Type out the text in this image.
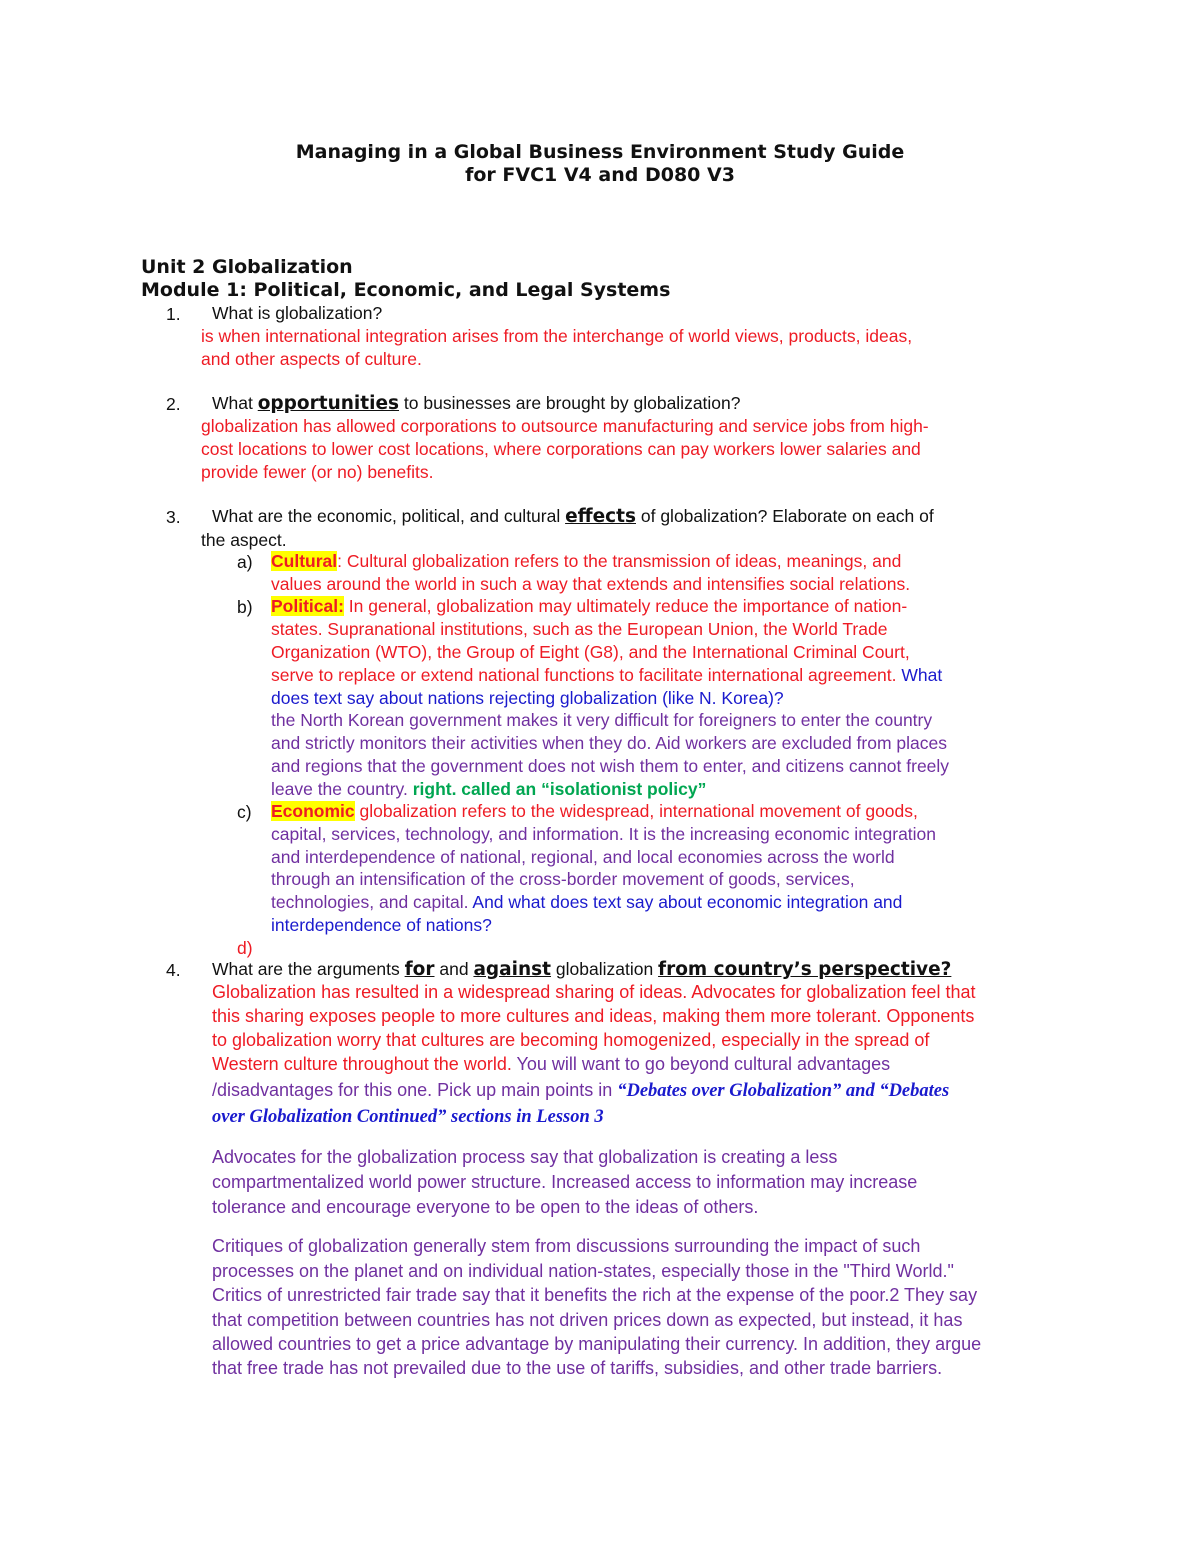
Managing in a Global Business Environment Study Guide
for FVC1 V4 and D080 V3
Unit 2 Globalization
Module 1: Political, Economic, and Legal Systems
1. What is globalization?
is when international integration arises from the interchange of world views, products, ideas,
and other aspects of culture.
2. What opportunities to businesses are brought by globalization?
globalization has allowed corporations to outsource manufacturing and service jobs from high-
cost locations to lower cost locations, where corporations can pay workers lower salaries and
provide fewer (or no) benefits.
3. What are the economic, political, and cultural effects of globalization? Elaborate on each of
the aspect.
a) Cultural: Cultural globalization refers to the transmission of ideas, meanings, and
values around the world in such a way that extends and intensifies social relations.
b) Political: In general, globalization may ultimately reduce the importance of nation-
states. Supranational institutions, such as the European Union, the World Trade
Organization (WTO), the Group of Eight (G8), and the International Criminal Court,
serve to replace or extend national functions to facilitate international agreement. What
does text say about nations rejecting globalization (like N. Korea)?
the North Korean government makes it very difficult for foreigners to enter the country
and strictly monitors their activities when they do. Aid workers are excluded from places
and regions that the government does not wish them to enter, and citizens cannot freely
leave the country. right. called an “isolationist policy”
c) Economic globalization refers to the widespread, international movement of goods,
capital, services, technology, and information. It is the increasing economic integration
and interdependence of national, regional, and local economies across the world
through an intensification of the cross-border movement of goods, services,
technologies, and capital. And what does text say about economic integration and
interdependence of nations?
d)
4. What are the arguments for and against globalization from country’s perspective?
Globalization has resulted in a widespread sharing of ideas. Advocates for globalization feel that
this sharing exposes people to more cultures and ideas, making them more tolerant. Opponents
to globalization worry that cultures are becoming homogenized, especially in the spread of
Western culture throughout the world. You will want to go beyond cultural advantages
/disadvantages for this one. Pick up main points in “Debates over Globalization” and “Debates
over Globalization Continued” sections in Lesson 3
Advocates for the globalization process say that globalization is creating a less
compartmentalized world power structure. Increased access to information may increase
tolerance and encourage everyone to be open to the ideas of others.
Critiques of globalization generally stem from discussions surrounding the impact of such
processes on the planet and on individual nation-states, especially those in the "Third World."
Critics of unrestricted fair trade say that it benefits the rich at the expense of the poor.2 They say
that competition between countries has not driven prices down as expected, but instead, it has
allowed countries to get a price advantage by manipulating their currency. In addition, they argue
that free trade has not prevailed due to the use of tariffs, subsidies, and other trade barriers.
